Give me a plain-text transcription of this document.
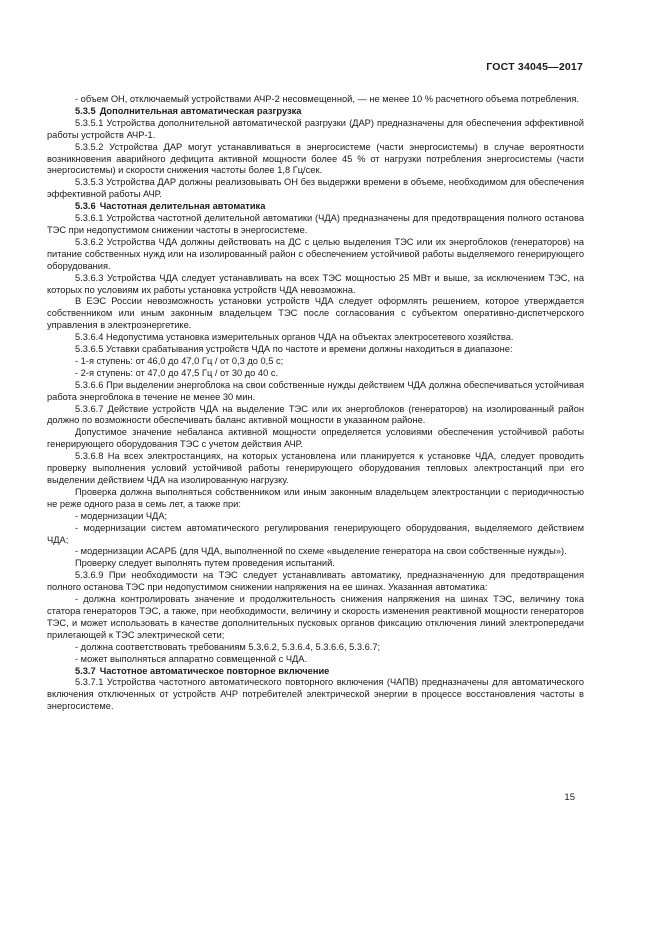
ГОСТ 34045—2017

- объем ОН, отключаемый устройствами АЧР-2 несовмещенной, — не менее 10 % расчетного объема потребления.

5.3.5 Дополнительная автоматическая разгрузка

5.3.5.1 Устройства дополнительной автоматической разгрузки (ДАР) предназначены для обеспечения эффективной работы устройств АЧР-1.

5.3.5.2 Устройства ДАР могут устанавливаться в энергосистеме (части энергосистемы) в случае вероятности возникновения аварийного дефицита активной мощности более 45 % от нагрузки потребления энергосистемы (части энергосистемы) и скорости снижения частоты более 1,8 Гц/сек.

5.3.5.3 Устройства ДАР должны реализовывать ОН без выдержки времени в объеме, необходимом для обеспечения эффективной работы АЧР.

5.3.6 Частотная делительная автоматика

5.3.6.1 Устройства частотной делительной автоматики (ЧДА) предназначены для предотвращения полного останова ТЭС при недопустимом снижении частоты в энергосистеме.

5.3.6.2 Устройства ЧДА должны действовать на ДС с целью выделения ТЭС или их энергоблоков (генераторов) на питание собственных нужд или на изолированный район с обеспечением устойчивой работы выделяемого генерирующего оборудования.

5.3.6.3 Устройства ЧДА следует устанавливать на всех ТЭС мощностью 25 МВт и выше, за исключением ТЭС, на которых по условиям их работы установка устройств ЧДА невозможна.

В ЕЭС России невозможность установки устройств ЧДА следует оформлять решением, которое утверждается собственником или иным законным владельцем ТЭС после согласования с субъектом оперативно-диспетчерского управления в электроэнергетике.

5.3.6.4 Недопустима установка измерительных органов ЧДА на объектах электросетевого хозяйства.

5.3.6.5 Уставки срабатывания устройств ЧДА по частоте и времени должны находиться в диапазоне:

- 1-я ступень: от 46,0 до 47,0 Гц / от 0,3 до 0,5 с;

- 2-я ступень: от 47,0 до 47,5 Гц / от 30 до 40 с.

5.3.6.6 При выделении энергоблока на свои собственные нужды действием ЧДА должна обеспечиваться устойчивая работа энергоблока в течение не менее 30 мин.

5.3.6.7 Действие устройств ЧДА на выделение ТЭС или их энергоблоков (генераторов) на изолированный район должно по возможности обеспечивать баланс активной мощности в указанном районе.

Допустимое значение небаланса активной мощности определяется условиями обеспечения устойчивой работы генерирующего оборудования ТЭС с учетом действия АЧР.

5.3.6.8 На всех электростанциях, на которых установлена или планируется к установке ЧДА, следует проводить проверку выполнения условий устойчивой работы генерирующего оборудования тепловых электростанций при его выделении действием ЧДА на изолированную нагрузку.

Проверка должна выполняться собственником или иным законным владельцем электростанции с периодичностью не реже одного раза в семь лет, а также при:

- модернизации ЧДА;

- модернизации систем автоматического регулирования генерирующего оборудования, выделяемого действием ЧДА;

- модернизации АСАРБ (для ЧДА, выполненной по схеме «выделение генератора на свои собственные нужды»).

Проверку следует выполнять путем проведения испытаний.

5.3.6.9 При необходимости на ТЭС следует устанавливать автоматику, предназначенную для предотвращения полного останова ТЭС при недопустимом снижении напряжения на ее шинах. Указанная автоматика:

- должна контролировать значение и продолжительность снижения напряжения на шинах ТЭС, величину тока статора генераторов ТЭС, а также, при необходимости, величину и скорость изменения реактивной мощности генераторов ТЭС, и может использовать в качестве дополнительных пусковых органов фиксацию отключения линий электропередачи прилегающей к ТЭС электрической сети;

- должна соответствовать требованиям 5.3.6.2, 5.3.6.4, 5.3.6.6, 5.3.6.7;

- может выполняться аппаратно совмещенной с ЧДА.

5.3.7 Частотное автоматическое повторное включение

5.3.7.1 Устройства частотного автоматического повторного включения (ЧАПВ) предназначены для автоматического включения отключенных от устройств АЧР потребителей электрической энергии в процессе восстановления частоты в энергосистеме.

15
